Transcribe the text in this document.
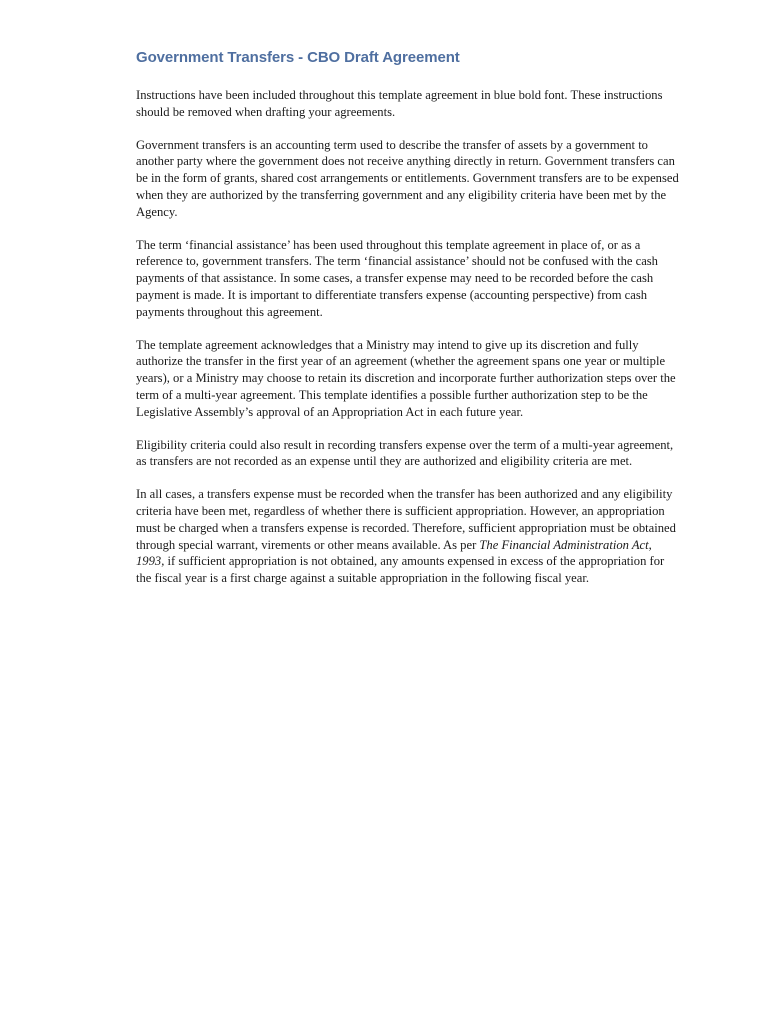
Government Transfers - CBO Draft Agreement

Instructions have been included throughout this template agreement in blue bold font. These instructions should be removed when drafting your agreements.

Government transfers is an accounting term used to describe the transfer of assets by a government to another party where the government does not receive anything directly in return. Government transfers can be in the form of grants, shared cost arrangements or entitlements. Government transfers are to be expensed when they are authorized by the transferring government and any eligibility criteria have been met by the Agency.

The term ‘financial assistance’ has been used throughout this template agreement in place of, or as a reference to, government transfers. The term ‘financial assistance’ should not be confused with the cash payments of that assistance. In some cases, a transfer expense may need to be recorded before the cash payment is made. It is important to differentiate transfers expense (accounting perspective) from cash payments throughout this agreement.

The template agreement acknowledges that a Ministry may intend to give up its discretion and fully authorize the transfer in the first year of an agreement (whether the agreement spans one year or multiple years), or a Ministry may choose to retain its discretion and incorporate further authorization steps over the term of a multi-year agreement. This template identifies a possible further authorization step to be the Legislative Assembly’s approval of an Appropriation Act in each future year.

Eligibility criteria could also result in recording transfers expense over the term of a multi-year agreement, as transfers are not recorded as an expense until they are authorized and eligibility criteria are met.

In all cases, a transfers expense must be recorded when the transfer has been authorized and any eligibility criteria have been met, regardless of whether there is sufficient appropriation. However, an appropriation must be charged when a transfers expense is recorded. Therefore, sufficient appropriation must be obtained through special warrant, virements or other means available. As per The Financial Administration Act, 1993, if sufficient appropriation is not obtained, any amounts expensed in excess of the appropriation for the fiscal year is a first charge against a suitable appropriation in the following fiscal year.
